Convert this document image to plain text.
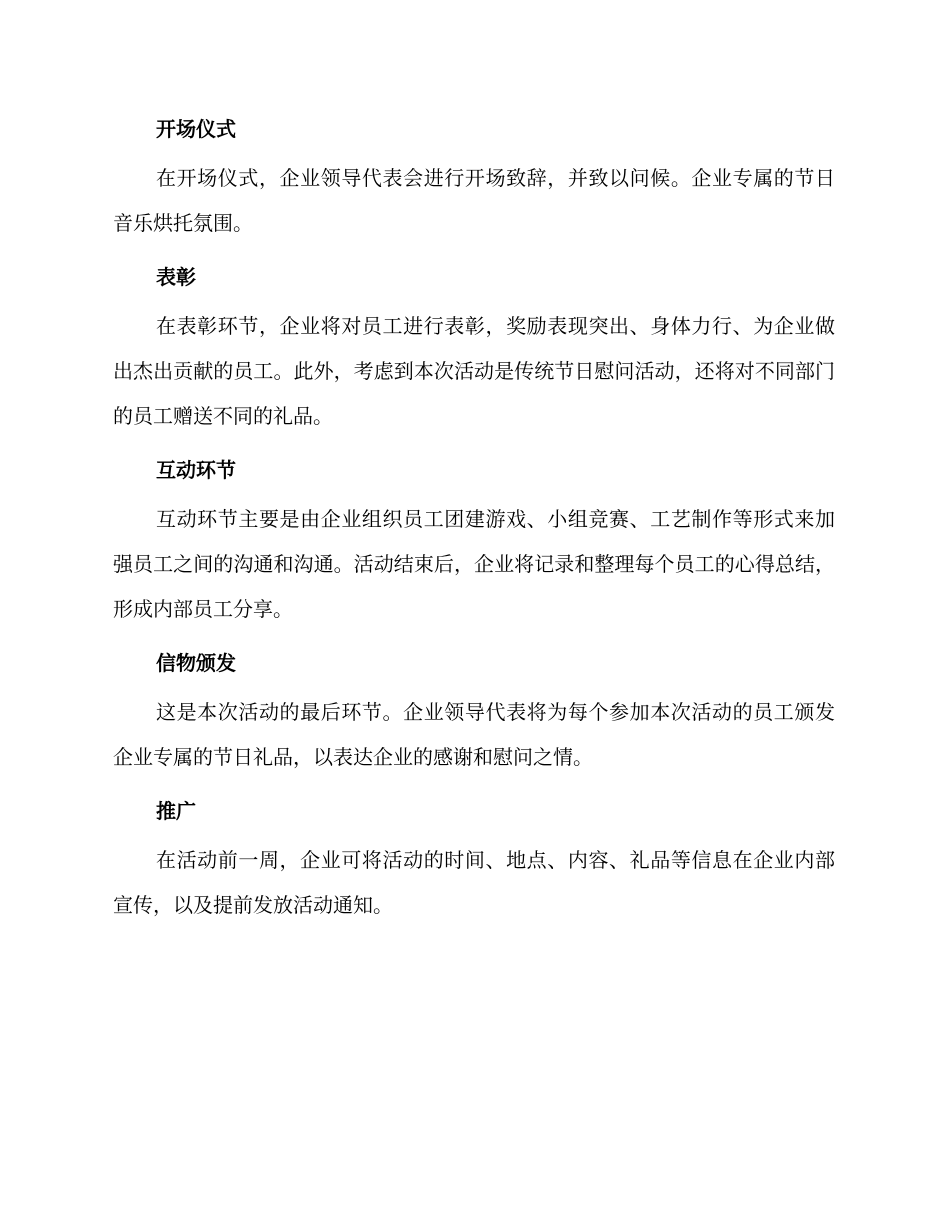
开场仪式

在开场仪式，企业领导代表会进行开场致辞，并致以问候。企业专属的节日音乐烘托氛围。

表彰

在表彰环节，企业将对员工进行表彰，奖励表现突出、身体力行、为企业做出杰出贡献的员工。此外，考虑到本次活动是传统节日慰问活动，还将对不同部门的员工赠送不同的礼品。

互动环节

互动环节主要是由企业组织员工团建游戏、小组竞赛、工艺制作等形式来加强员工之间的沟通和沟通。活动结束后，企业将记录和整理每个员工的心得总结，形成内部员工分享。

信物颁发

这是本次活动的最后环节。企业领导代表将为每个参加本次活动的员工颁发企业专属的节日礼品，以表达企业的感谢和慰问之情。

推广

在活动前一周，企业可将活动的时间、地点、内容、礼品等信息在企业内部宣传，以及提前发放活动通知。
